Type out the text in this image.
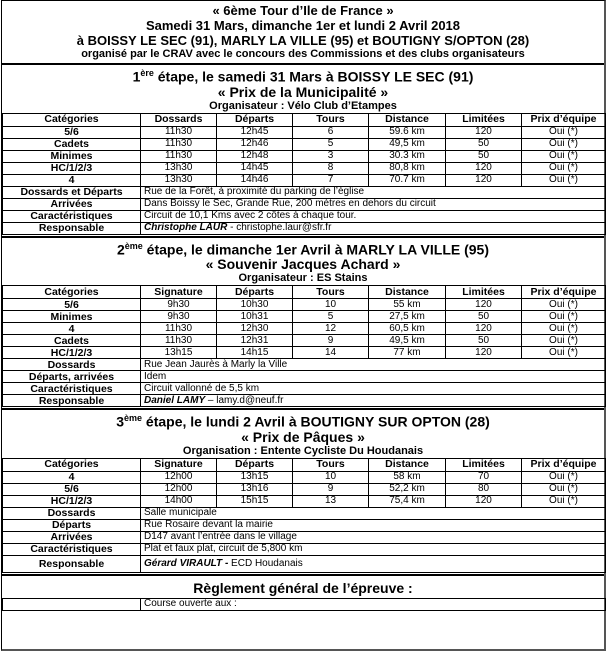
« 6ème Tour d’Ile de France »
Samedi 31 Mars, dimanche 1er et lundi 2 Avril 2018
à BOISSY LE SEC (91), MARLY LA VILLE (95) et BOUTIGNY S/OPTON (28)
organisé par le CRAV avec le concours des Commissions et des clubs organisateurs
1ère étape, le samedi 31 Mars à BOISSY LE SEC (91)
« Prix de la Municipalité »
Organisateur : Vélo Club d’Etampes
Catégories	Dossards	Départs	Tours	Distance	Limitées	Prix d’équipe
5/6	11h30	12h45	6	59.6 km	120	Oui (*)
Cadets	11h30	12h46	5	49,5 km	50	Oui (*)
Minimes	11h30	12h48	3	30.3 km	50	Oui (*)
HC/1/2/3	13h30	14h45	8	80,8 km	120	Oui (*)
4	13h30	14h46	7	70.7 km	120	Oui (*)
Dossards et Départs	Rue de la Forêt, à proximité du parking de l’église					
Arrivées	Dans Boissy le Sec, Grande Rue, 200 mètres en dehors du circuit					
Caractéristiques	Circuit de 10,1 Kms avec 2 côtes à chaque tour.					
Responsable	Christophe LAUR - christophe.laur@sfr.fr					
2ème étape, le dimanche 1er Avril à MARLY LA VILLE (95)
« Souvenir Jacques Achard »
Organisateur : ES Stains
Catégories	Signature	Départs	Tours	Distance	Limitées	Prix d’équipe
5/6	9h30	10h30	10	55 km	120	Oui (*)
Minimes	9h30	10h31	5	27,5 km	50	Oui (*)
4	11h30	12h30	12	60,5 km	120	Oui (*)
Cadets	11h30	12h31	9	49,5 km	50	Oui (*)
HC/1/2/3	13h15	14h15	14	77 km	120	Oui (*)
Dossards	Rue Jean Jaurès à Marly la Ville					
Départs, arrivées	Idem					
Caractéristiques	Circuit vallonné de 5,5 km					
Responsable	Daniel LAMY – lamy.d@neuf.fr					
3ème étape, le lundi 2 Avril à BOUTIGNY SUR OPTON (28)
« Prix de Pâques »
Organisation : Entente Cycliste Du Houdanais
Catégories	Signature	Départs	Tours	Distance	Limitées	Prix d’équipe
4	12h00	13h15	10	58 km	70	Oui (*)
5/6	12h00	13h16	9	52,2 km	80	Oui (*)
HC/1/2/3	14h00	15h15	13	75,4 km	120	Oui (*)
Dossards	Salle municipale					
Départs	Rue Rosaire devant la mairie					
Arrivées	D147 avant l’entrée dans le village					
Caractéristiques	Plat et faux plat, circuit de 5,800 km					
Responsable	Gérard VIRAULT - ECD Houdanais					
Règlement général de l’épreuve :
	Course ouverte aux :
